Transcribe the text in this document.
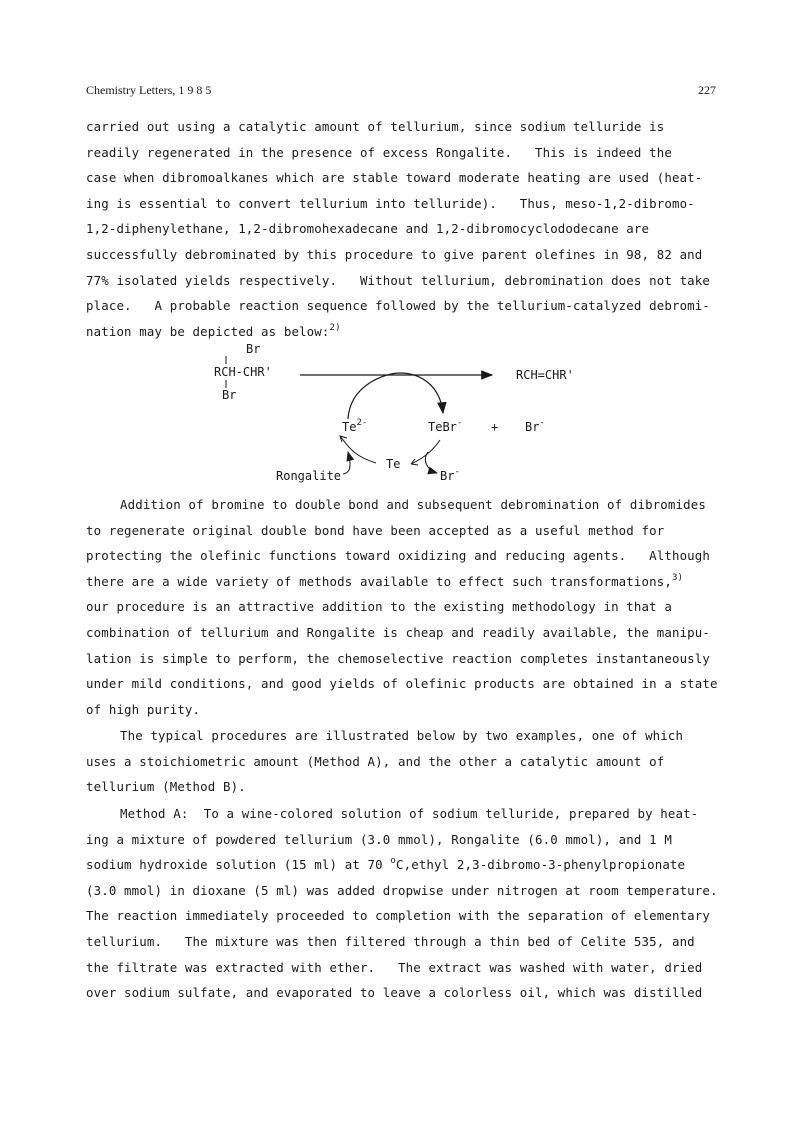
Chemistry Letters, 1 9 8 5	227
carried out using a catalytic amount of tellurium, since sodium telluride is
readily regenerated in the presence of excess Rongalite.   This is indeed the
case when dibromoalkanes which are stable toward moderate heating are used (heat-
ing is essential to convert tellurium into telluride).   Thus, meso-1,2-dibromo-
1,2-diphenylethane, 1,2-dibromohexadecane and 1,2-dibromocyclododecane are
successfully debrominated by this procedure to give parent olefines in 98, 82 and
77% isolated yields respectively.   Without tellurium, debromination does not take
place.   A probable reaction sequence followed by the tellurium-catalyzed debromi-
nation may be depicted as below:$^{2)}$
Br
RCH-CHR'
Br
RCH=CHR'
$Te^{2-}$	TeBr- + Br-
Te
Rongalite	Br-
Addition of bromine to double bond and subsequent debromination of dibromides
to regenerate original double bond have been accepted as a useful method for
protecting the olefinic functions toward oxidizing and reducing agents.   Although
there are a wide variety of methods available to effect such transformations,$^{3)}$
our procedure is an attractive addition to the existing methodology in that a
combination of tellurium and Rongalite is cheap and readily available, the manipu-
lation is simple to perform, the chemoselective reaction completes instantaneously
under mild conditions, and good yields of olefinic products are obtained in a state
of high purity.
The typical procedures are illustrated below by two examples, one of which
uses a stoichiometric amount (Method A), and the other a catalytic amount of
tellurium (Method B).
Method A:  To a wine-colored solution of sodium telluride, prepared by heat-
ing a mixture of powdered tellurium (3.0 mmol), Rongalite (6.0 mmol), and 1 M
sodium hydroxide solution (15 ml) at 70 $^o$C,ethyl 2,3-dibromo-3-phenylpropionate
(3.0 mmol) in dioxane (5 ml) was added dropwise under nitrogen at room temperature.
The reaction immediately proceeded to completion with the separation of elementary
tellurium.   The mixture was then filtered through a thin bed of Celite 535, and
the filtrate was extracted with ether.   The extract was washed with water, dried
over sodium sulfate, and evaporated to leave a colorless oil, which was distilled
